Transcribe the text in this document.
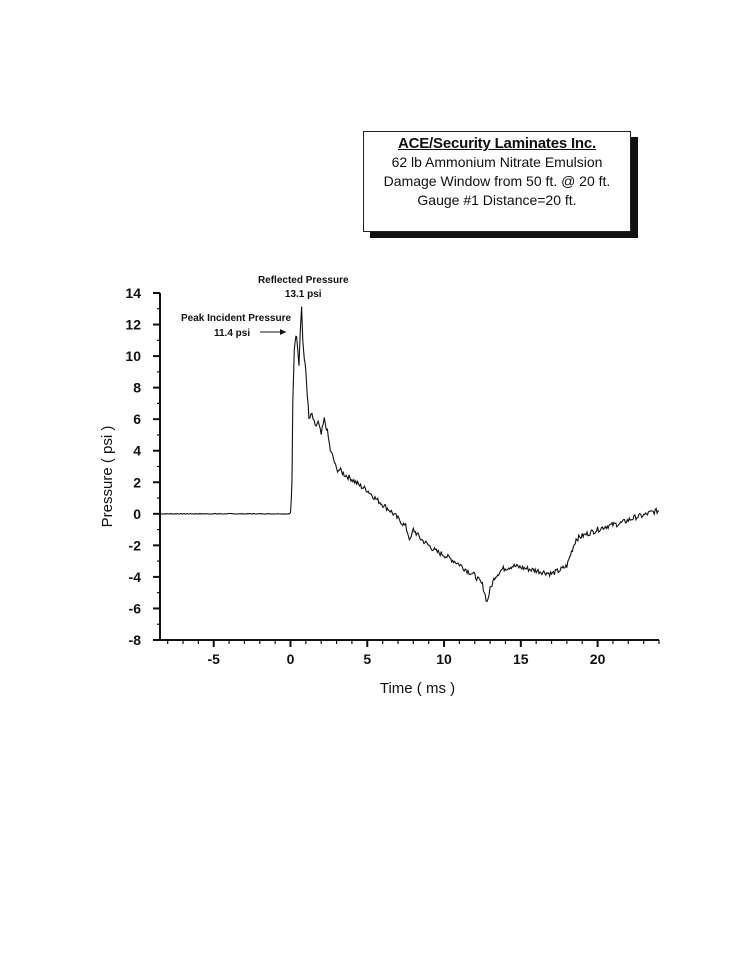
ACE/Security Laminates Inc.
62 lb Ammonium Nitrate Emulsion
Damage Window from 50 ft. @ 20 ft.
Gauge #1 Distance=20 ft.
14
12
10
8
6
4
2
0
-2
-4
-6
-8
-5	0	5	10	15	20
Reflected Pressure
13.1 psi
Peak Incident Pressure
11.4 psi
Time ( ms )
Pressure ( psi )
